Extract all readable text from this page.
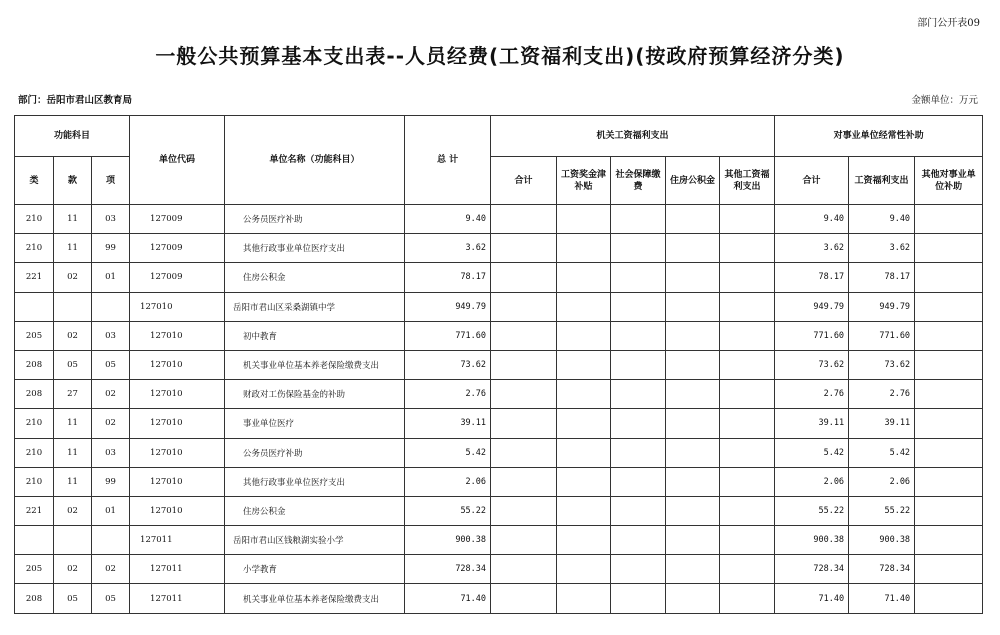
部门公开表09
一般公共预算基本支出表--人员经费(工资福利支出)(按政府预算经济分类)
部门：岳阳市君山区教育局	金额单位：万元
功能科目			单位代码	单位名称（功能科目）	总 计	机关工资福利支出					对事业单位经常性补助		
类	款	项				合计	工资奖金津补贴	社会保障缴费	住房公积金	其他工资福利支出	合计	工资福利支出	其他对事业单位补助
210	11	03	127009	公务员医疗补助	9.40						9.40	9.40	
210	11	99	127009	其他行政事业单位医疗支出	3.62						3.62	3.62	
221	02	01	127009	住房公积金	78.17						78.17	78.17	
			127010	岳阳市君山区采桑湖镇中学	949.79						949.79	949.79	
205	02	03	127010	初中教育	771.60						771.60	771.60	
208	05	05	127010	机关事业单位基本养老保险缴费支出	73.62						73.62	73.62	
208	27	02	127010	财政对工伤保险基金的补助	2.76						2.76	2.76	
210	11	02	127010	事业单位医疗	39.11						39.11	39.11	
210	11	03	127010	公务员医疗补助	5.42						5.42	5.42	
210	11	99	127010	其他行政事业单位医疗支出	2.06						2.06	2.06	
221	02	01	127010	住房公积金	55.22						55.22	55.22	
			127011	岳阳市君山区钱粮湖实验小学	900.38						900.38	900.38	
205	02	02	127011	小学教育	728.34						728.34	728.34	
208	05	05	127011	机关事业单位基本养老保险缴费支出	71.40						71.40	71.40	
